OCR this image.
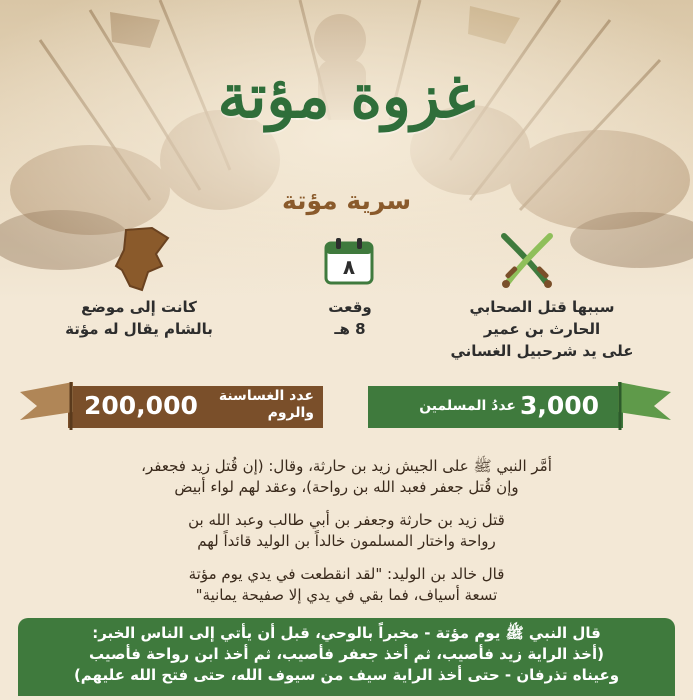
غزوة مؤتة
سرية مؤتة
٨
سببها قتل الصحابي
الحارث بن عمير
على يد شرحبيل الغساني
وقعت
8 هـ
كانت إلى موضع
بالشام يقال له مؤتة
3,000
عددُ المسلمين
200,000	عدد الغساسنة
والروم
أمَّر النبي ﷺ على الجيش زيد بن حارثة، وقال: (إن قُتل زيد فجعفر،
وإن قُتل جعفر فعبد الله بن رواحة)، وعقد لهم لواء أبيض
قتل زيد بن حارثة وجعفر بن أبي طالب وعبد الله بن
رواحة واختار المسلمون خالداً بن الوليد قائداً لهم
قال خالد بن الوليد: "لقد انقطعت في يدي يوم مؤتة
تسعة أسياف، فما بقي في يدي إلا صفيحة يمانية"
قال النبي ﷺ يوم مؤتة - مخبراً بالوحي، قبل أن يأتي إلى الناس الخبر:
(أخذ الراية زيد فأصيب، ثم أخذ جعفر فأصيب، ثم أخذ ابن رواحة فأصيب
وعيناه تذرفان - حتى أخذ الراية سيف من سيوف الله، حتى فتح الله عليهم)
